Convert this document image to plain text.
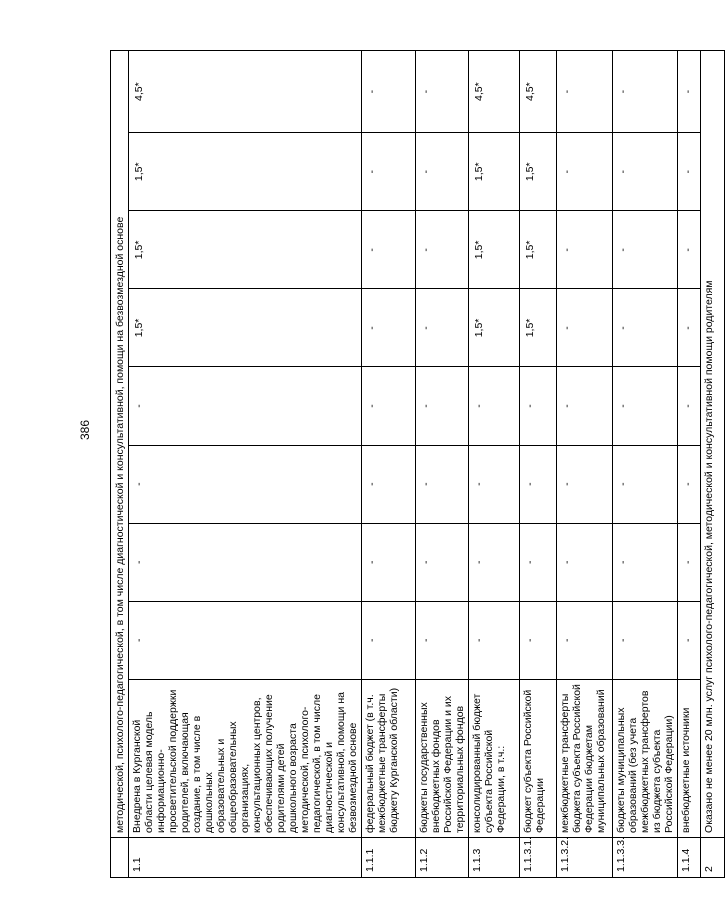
386
	методической, психолого-педагогической, в том числе диагностической и консультативной, помощи на безвозмездной основе								
1.1	Внедрена в Курганской области целевая модель информационно-просветительской поддержки родителей, включающая создание, в том числе в дошкольных образовательных и общеобразовательных организациях, консультационных центров, обеспечивающих получение родителями детей дошкольного возраста методической, психолого-педагогической, в том числе диагностической и консультативной, помощи на безвозмездной основе	-	-	-	-	1,5*	1,5*	1,5*	4,5*
1.1.1	федеральный бюджет (в т.ч. межбюджетные трансферты бюджету Курганской области)	-	-	-	-	-	-	-	-
1.1.2	бюджеты государственных внебюджетных фондов Российской Федерации и их территориальных фондов	-	-	-	-	-	-	-	-
1.1.3	консолидированный бюджет субъекта Российской Федерации, в т.ч.:	-	-	-	-	1,5*	1,5*	1,5*	4,5*
1.1.3.1.	бюджет субъекта Российской Федерации	-	-	-	-	1,5*	1,5*	1,5*	4,5*
1.1.3.2.	межбюджетные трансферты бюджета субъекта Российской Федерации бюджетам муниципальных образований	-	-	-	-	-	-	-	-
1.1.3.3.	бюджеты муниципальных образований (без учета межбюджетных трансфертов из бюджета субъекта Российской Федерации)	-	-	-	-	-	-	-	-
1.1.4	внебюджетные источники	-	-	-	-	-	-	-	-
2	Оказано не менее 20 млн. услуг психолого-педагогической, методической и консультативной помощи родителям								
